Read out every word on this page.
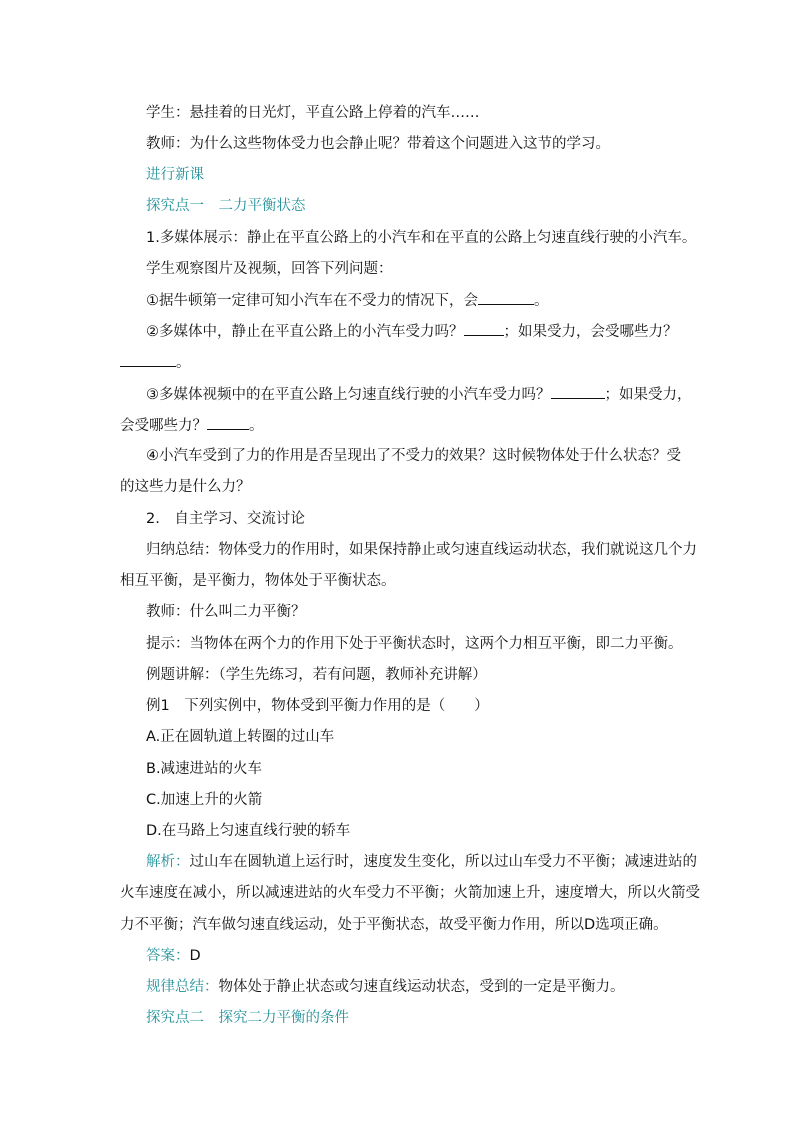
学生：悬挂着的日光灯，平直公路上停着的汽车……
教师：为什么这些物体受力也会静止呢？带着这个问题进入这节的学习。
进行新课
探究点一　二力平衡状态
1.多媒体展示：静止在平直公路上的小汽车和在平直的公路上匀速直线行驶的小汽车。
学生观察图片及视频，回答下列问题：
①据牛顿第一定律可知小汽车在不受力的情况下，会	。
②多媒体中，静止在平直公路上的小汽车受力吗？	；如果受力，会受哪些力？
。
③多媒体视频中的在平直公路上匀速直线行驶的小汽车受力吗？	；如果受力，
会受哪些力？	。
④小汽车受到了力的作用是否呈现出了不受力的效果？这时候物体处于什么状态？受
的这些力是什么力？
2.　自主学习、交流讨论
归纳总结：物体受力的作用时，如果保持静止或匀速直线运动状态，我们就说这几个力
相互平衡，是平衡力，物体处于平衡状态。
教师：什么叫二力平衡？
提示：当物体在两个力的作用下处于平衡状态时，这两个力相互平衡，即二力平衡。
例题讲解：（学生先练习，若有问题，教师补充讲解）
例1　下列实例中，物体受到平衡力作用的是（　　）
A.正在圆轨道上转圈的过山车
B.减速进站的火车
C.加速上升的火箭
D.在马路上匀速直线行驶的轿车
解析：过山车在圆轨道上运行时，速度发生变化，所以过山车受力不平衡；减速进站的
火车速度在减小，所以减速进站的火车受力不平衡；火箭加速上升，速度增大，所以火箭受
力不平衡；汽车做匀速直线运动，处于平衡状态，故受平衡力作用，所以D选项正确。
答案：D
规律总结：物体处于静止状态或匀速直线运动状态，受到的一定是平衡力。
探究点二　探究二力平衡的条件
